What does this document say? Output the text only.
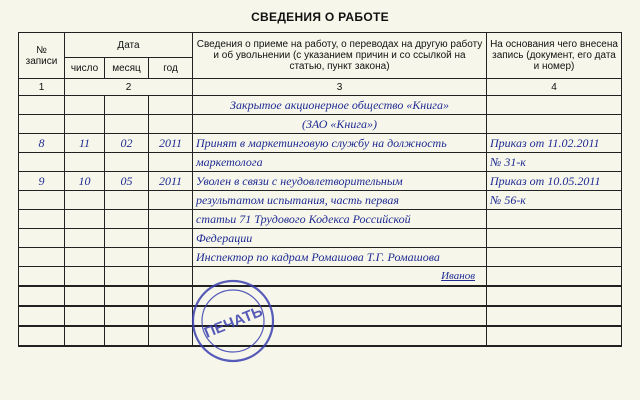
СВЕДЕНИЯ О РАБОТЕ
№ записи	Дата			Сведения о приеме на работу, о переводах на другую работу и об увольнении (с указанием причин и со ссылкой на статью, пункт закона)	На основания чего внесена запись (документ, его дата и номер)
	число	месяц	год		
1	2			3	4
				Закрытое акционерное общество «Книга»	
				(ЗАО «Книга»)	
8	11	02	2011	Принят в маркетинговую службу на должность	Приказ от 11.02.2011
				маркетолога	№ 31-к
9	10	05	2011	Уволен в связи с неудовлетворительным	Приказ от 10.05.2011
				результатом испытания, часть первая	№ 56-к
				статьи 71 Трудового Кодекса Российской	
				Федерации	
				Инспектор по кадрам Ромашова Т.Г. Ромашова	

				Иванов	

ПЕЧАТЬ
